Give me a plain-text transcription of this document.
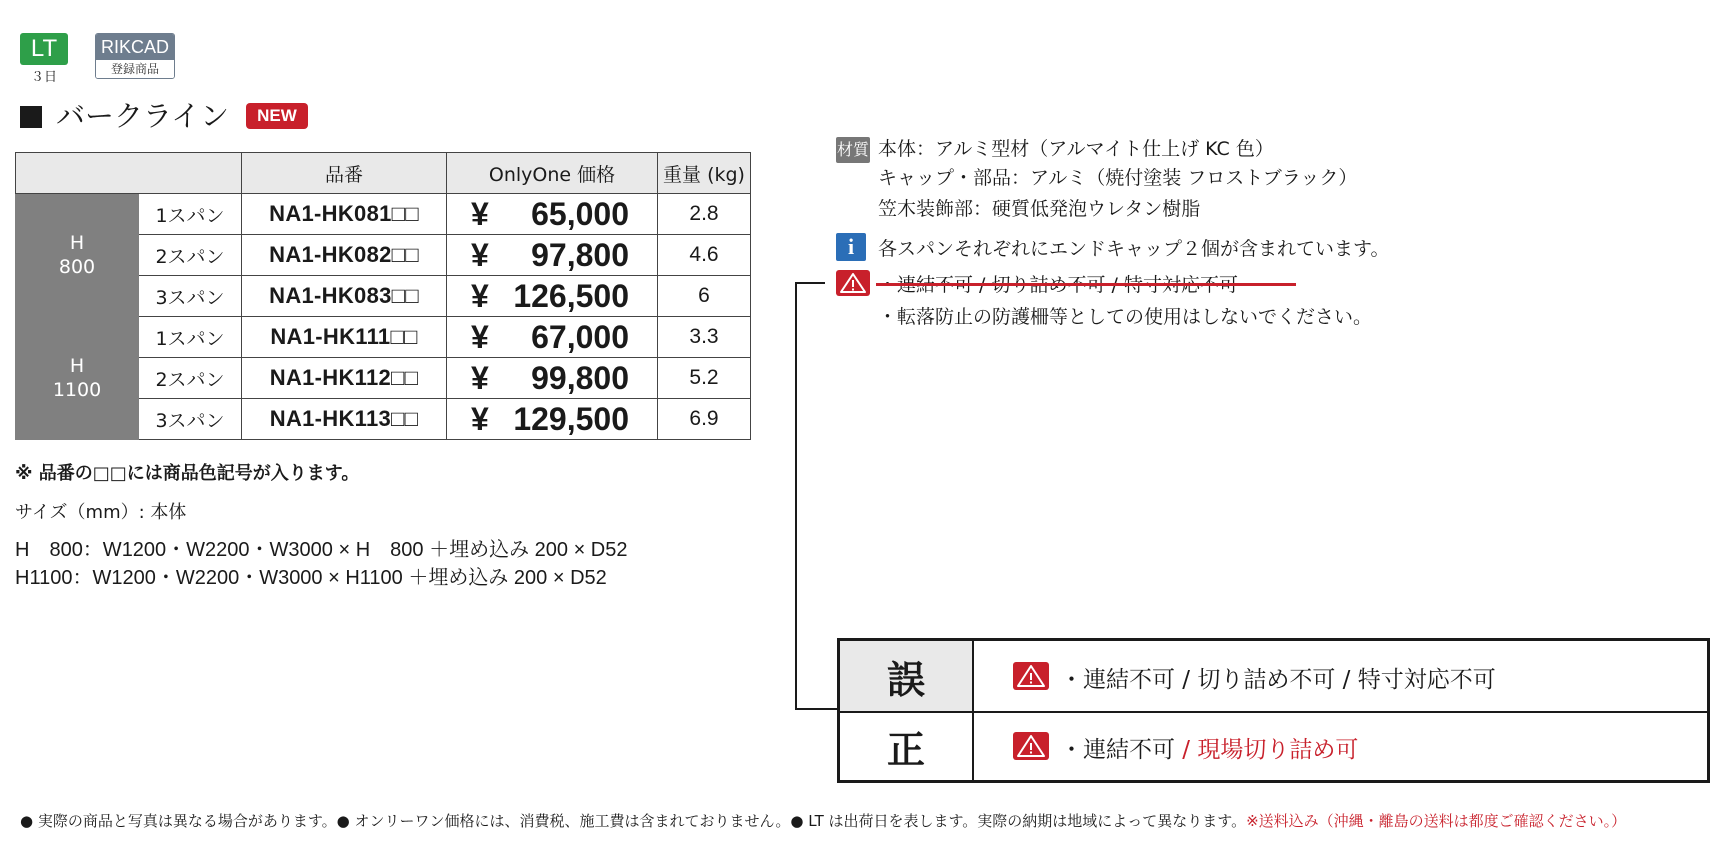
LT
３日
RIKCAD
登録商品
バークライン	NEW
		品番	OnlyOne 価格	重量 (kg)
H
800	1スパン	NA1-HK081□□	¥ 65,000	2.8
	2スパン	NA1-HK082□□	¥ 97,800	4.6
	3スパン	NA1-HK083□□	¥ 126,500	6
H
1100	1スパン	NA1-HK111□□	¥ 67,000	3.3
	2スパン	NA1-HK112□□	¥ 99,800	5.2
	3スパン	NA1-HK113□□	¥ 129,500	6.9
※ 品番の□□には商品色記号が入ります。
サイズ（mm）: 本体
H　800：W1200・W2200・W3000 × H　800 ＋埋め込み 200 × D52
H1100：W1200・W2200・W3000 × H1100 ＋埋め込み 200 × D52
材質 本体：アルミ型材（アルマイト仕上げ KC 色）
キャップ・部品：アルミ（焼付塗装 フロストブラック）
笠木装飾部：硬質低発泡ウレタン樹脂
i	各スパンそれぞれにエンドキャップ２個が含まれています。
・転落防止の防護柵等としての使用はしないでください。
誤	・連結不可 / 切り詰め不可 / 特寸対応不可
正	・連結不可 / 現場切り詰め可
● 実際の商品と写真は異なる場合があります。● オンリーワン価格には、消費税、施工費は含まれておりません。● LT は出荷日を表します。実際の納期は地域によって異なります。※送料込み（沖縄・離島の送料は都度ご確認ください。）
